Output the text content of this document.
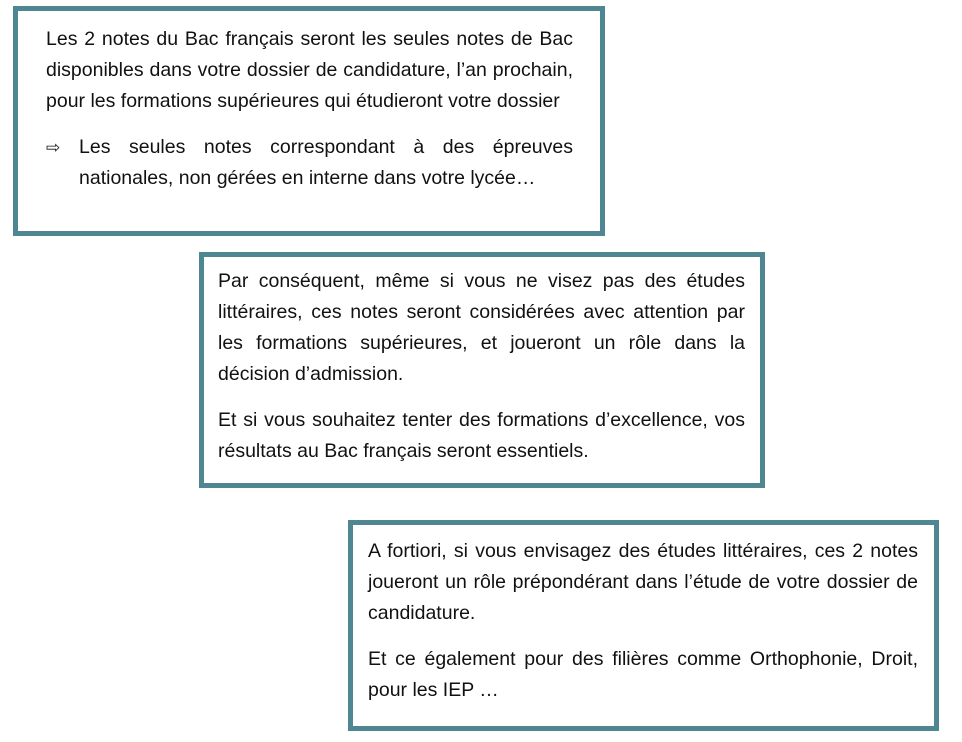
Les 2 notes du Bac français seront les seules notes de Bac disponibles dans votre dossier de candidature, l’an prochain, pour les formations supérieures qui étudieront votre dossier

⇨ Les seules notes correspondant à des épreuves nationales, non gérées en interne dans votre lycée…

Par conséquent, même si vous ne visez pas des études littéraires, ces notes seront considérées avec attention par les formations supérieures, et joueront un rôle dans la décision d’admission.

Et si vous souhaitez tenter des formations d’excellence, vos résultats au Bac français seront essentiels.

A fortiori, si vous envisagez des études littéraires, ces 2 notes joueront un rôle prépondérant dans l’étude de votre dossier de candidature.

Et ce également pour des filières comme Orthophonie, Droit, pour les IEP …
